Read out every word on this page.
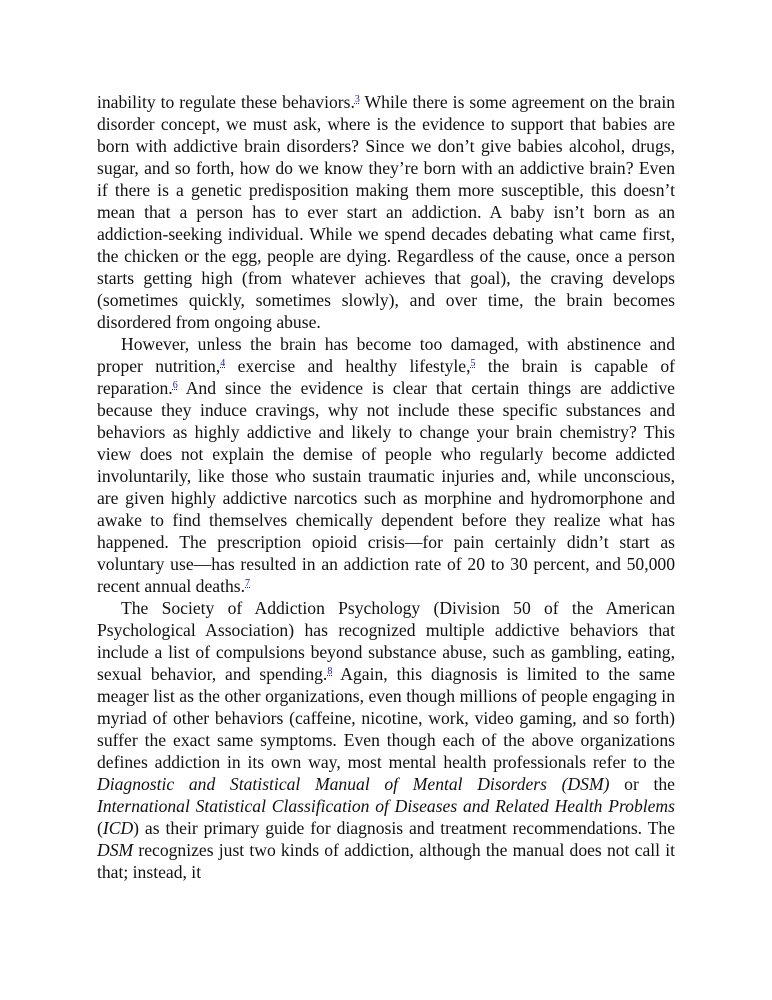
inability to regulate these behaviors.$^3$ While there is some agreement on the brain disorder concept, we must ask, where is the evidence to support that babies are born with addictive brain disorders? Since we don’t give babies alcohol, drugs, sugar, and so forth, how do we know they’re born with an addictive brain? Even if there is a genetic predisposition making them more susceptible, this doesn’t mean that a person has to ever start an addiction. A baby isn’t born as an addiction-seeking individual. While we spend decades debating what came first, the chicken or the egg, people are dying. Regardless of the cause, once a person starts getting high (from whatever achieves that goal), the craving develops (sometimes quickly, sometimes slowly), and over time, the brain becomes disordered from ongoing abuse.

However, unless the brain has become too damaged, with abstinence and proper nutrition,$^4$ exercise and healthy lifestyle,$^5$ the brain is capable of reparation.$^6$ And since the evidence is clear that certain things are addictive because they induce cravings, why not include these specific substances and behaviors as highly addictive and likely to change your brain chemistry? This view does not explain the demise of people who regularly become addicted involuntarily, like those who sustain traumatic injuries and, while unconscious, are given highly addictive narcotics such as morphine and hydromorphone and awake to find themselves chemically dependent before they realize what has happened. The prescription opioid crisis—for pain certainly didn’t start as voluntary use—has resulted in an addiction rate of 20 to 30 percent, and 50,000 recent annual deaths.$^7$

The Society of Addiction Psychology (Division 50 of the American Psychological Association) has recognized multiple addictive behaviors that include a list of compulsions beyond substance abuse, such as gambling, eating, sexual behavior, and spending.$^8$ Again, this diagnosis is limited to the same meager list as the other organizations, even though millions of people engaging in myriad of other behaviors (caffeine, nicotine, work, video gaming, and so forth) suffer the exact same symptoms. Even though each of the above organizations defines addiction in its own way, most mental health professionals refer to the Diagnostic and Statistical Manual of Mental Disorders (DSM) or the International Statistical Classification of Diseases and Related Health Problems (ICD) as their primary guide for diagnosis and treatment recommendations. The DSM recognizes just two kinds of addiction, although the manual does not call it that; instead, it
